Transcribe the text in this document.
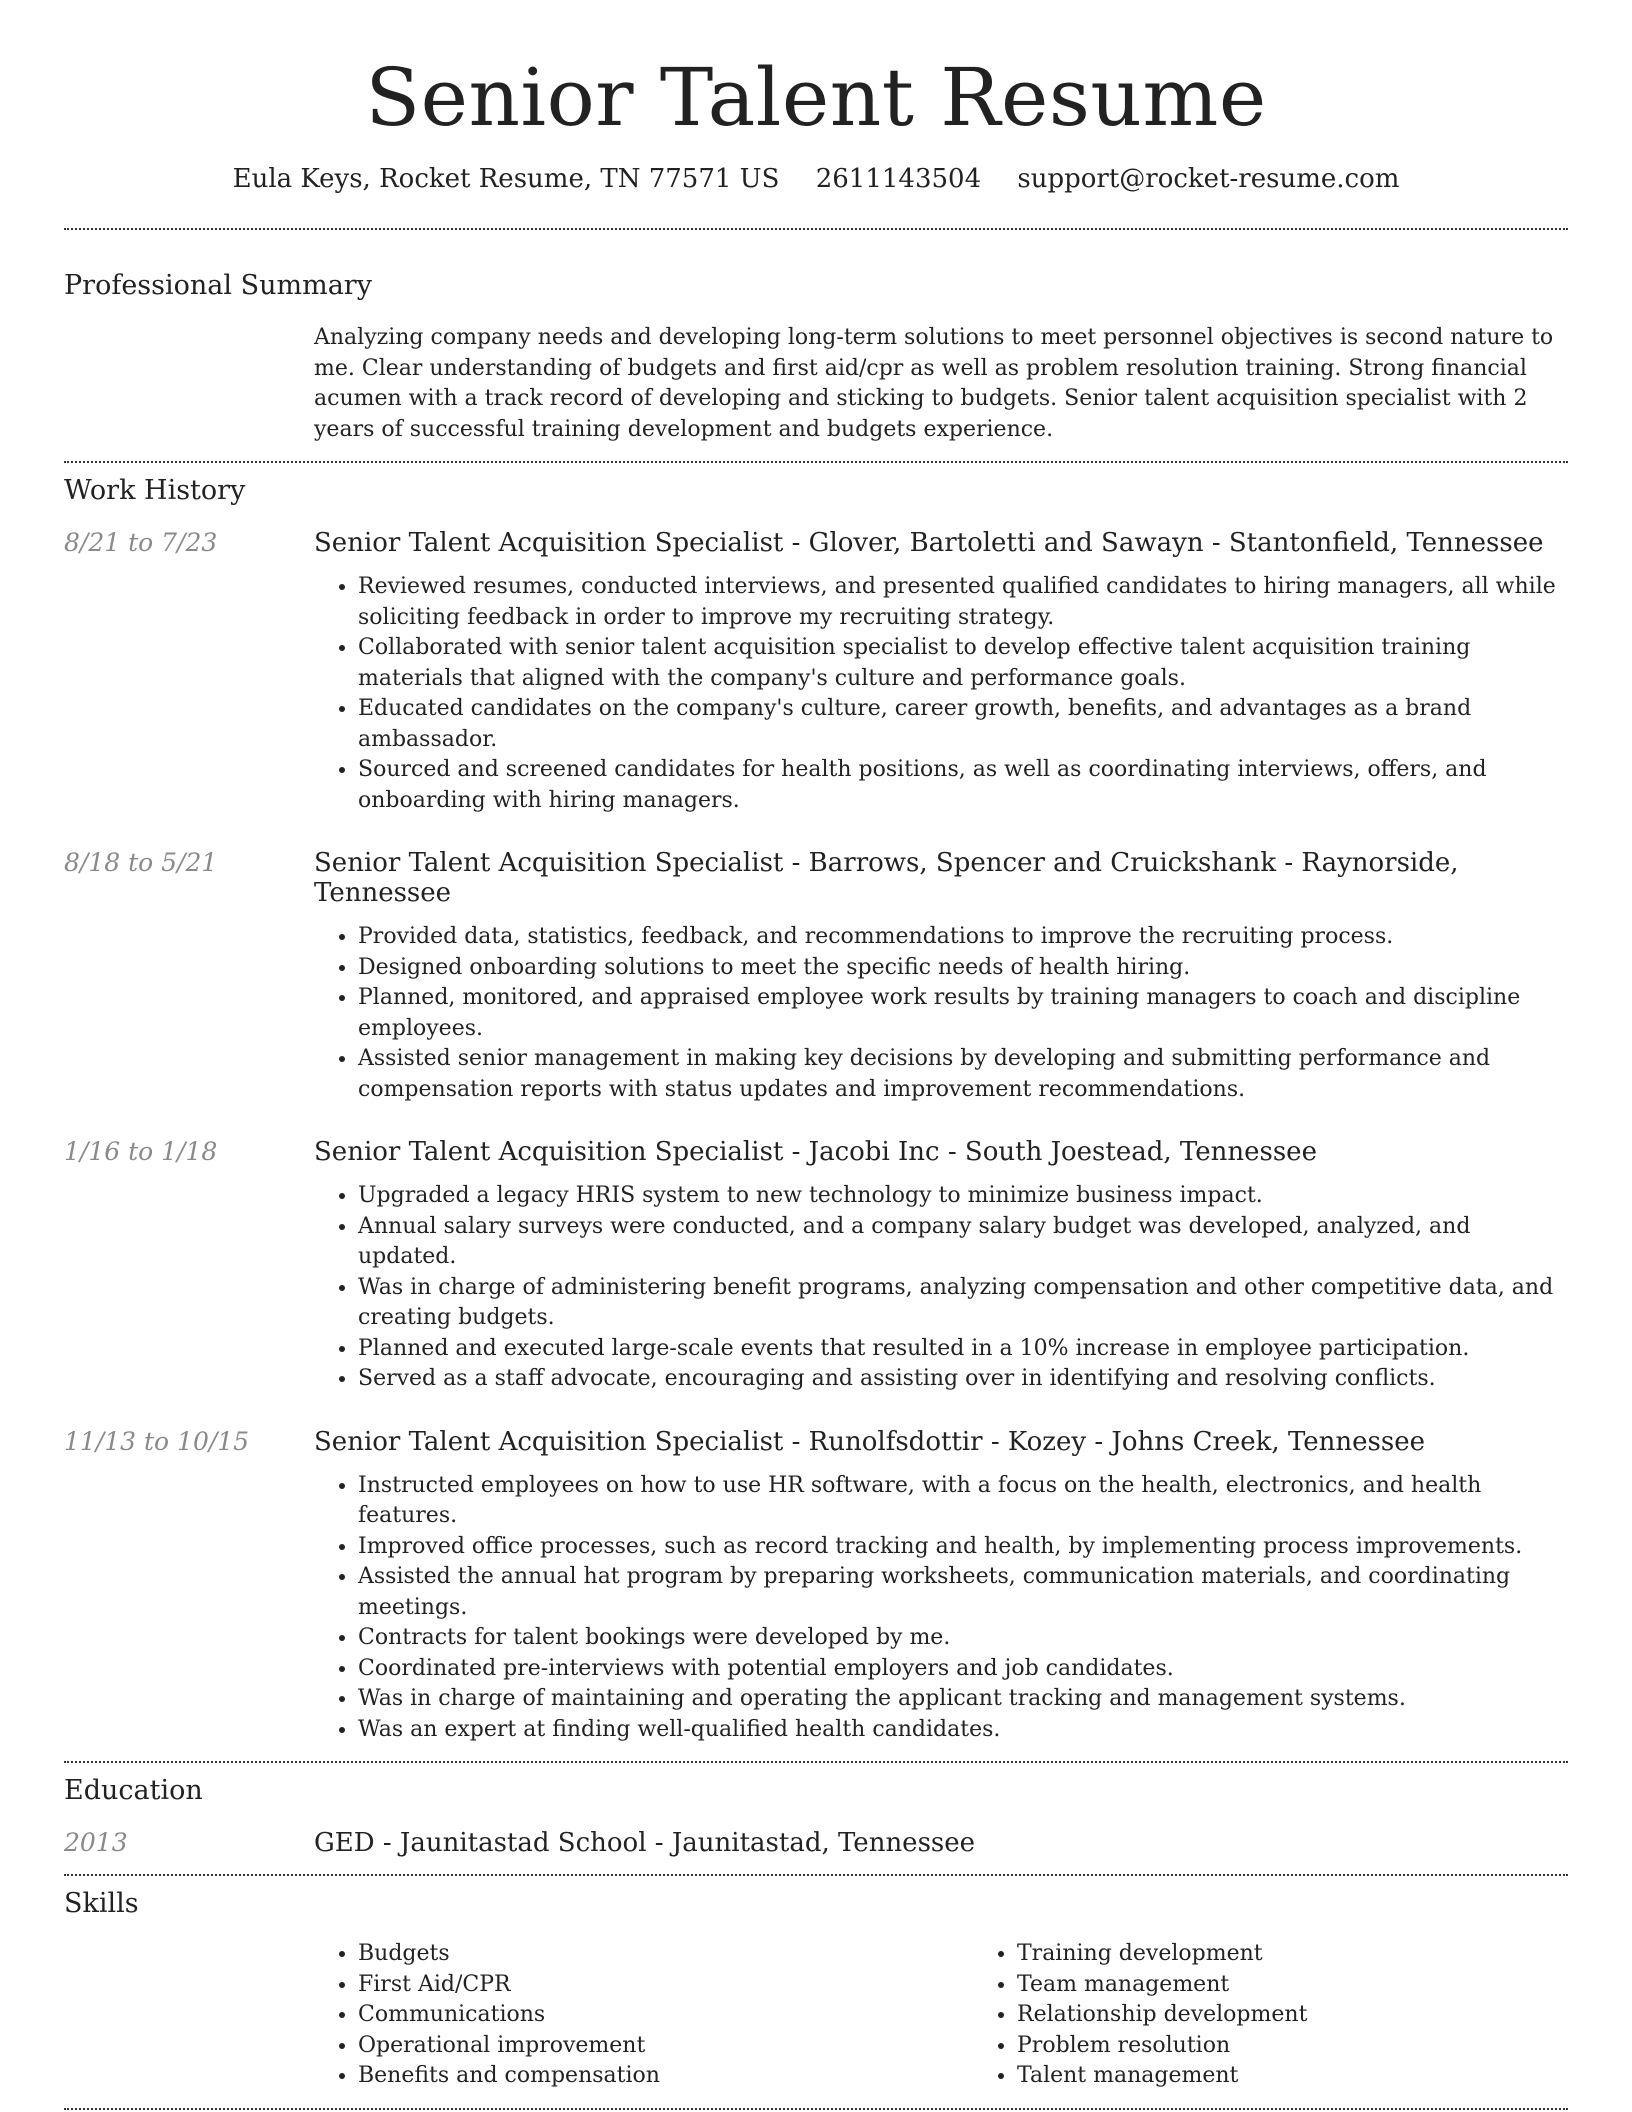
Senior Talent Resume
Eula Keys, Rocket Resume, TN 77571 US 2611143504 support@rocket-resume.com
Professional Summary

Analyzing company needs and developing long-term solutions to meet personnel objectives is second nature to me. Clear understanding of budgets and first aid/cpr as well as problem resolution training. Strong financial acumen with a track record of developing and sticking to budgets. Senior talent acquisition specialist with 2 years of successful training development and budgets experience.

Work History
8/21 to 7/23	Senior Talent Acquisition Specialist - Glover, Bartoletti and Sawayn - Stantonfield, Tennessee
• Reviewed resumes, conducted interviews, and presented qualified candidates to hiring managers, all while soliciting feedback in order to improve my recruiting strategy.
• Collaborated with senior talent acquisition specialist to develop effective talent acquisition training materials that aligned with the company's culture and performance goals.
• Educated candidates on the company's culture, career growth, benefits, and advantages as a brand ambassador.
• Sourced and screened candidates for health positions, as well as coordinating interviews, offers, and onboarding with hiring managers.
8/18 to 5/21	Senior Talent Acquisition Specialist - Barrows, Spencer and Cruickshank - Raynorside, Tennessee
• Provided data, statistics, feedback, and recommendations to improve the recruiting process.
• Designed onboarding solutions to meet the specific needs of health hiring.
• Planned, monitored, and appraised employee work results by training managers to coach and discipline employees.
• Assisted senior management in making key decisions by developing and submitting performance and compensation reports with status updates and improvement recommendations.
1/16 to 1/18	Senior Talent Acquisition Specialist - Jacobi Inc - South Joestead, Tennessee
• Upgraded a legacy HRIS system to new technology to minimize business impact.
• Annual salary surveys were conducted, and a company salary budget was developed, analyzed, and updated.
• Was in charge of administering benefit programs, analyzing compensation and other competitive data, and creating budgets.
• Planned and executed large-scale events that resulted in a 10% increase in employee participation.
• Served as a staff advocate, encouraging and assisting over in identifying and resolving conflicts.
11/13 to 10/15	Senior Talent Acquisition Specialist - Runolfsdottir - Kozey - Johns Creek, Tennessee
• Instructed employees on how to use HR software, with a focus on the health, electronics, and health features.
• Improved office processes, such as record tracking and health, by implementing process improvements.
• Assisted the annual hat program by preparing worksheets, communication materials, and coordinating meetings.
• Contracts for talent bookings were developed by me.
• Coordinated pre-interviews with potential employers and job candidates.
• Was in charge of maintaining and operating the applicant tracking and management systems.
• Was an expert at finding well-qualified health candidates.
Education
2013	GED - Jaunitastad School - Jaunitastad, Tennessee
Skills
• Budgets
• First Aid/CPR
• Communications
• Operational improvement
• Benefits and compensation
• Training development
• Team management
• Relationship development
• Problem resolution
• Talent management
